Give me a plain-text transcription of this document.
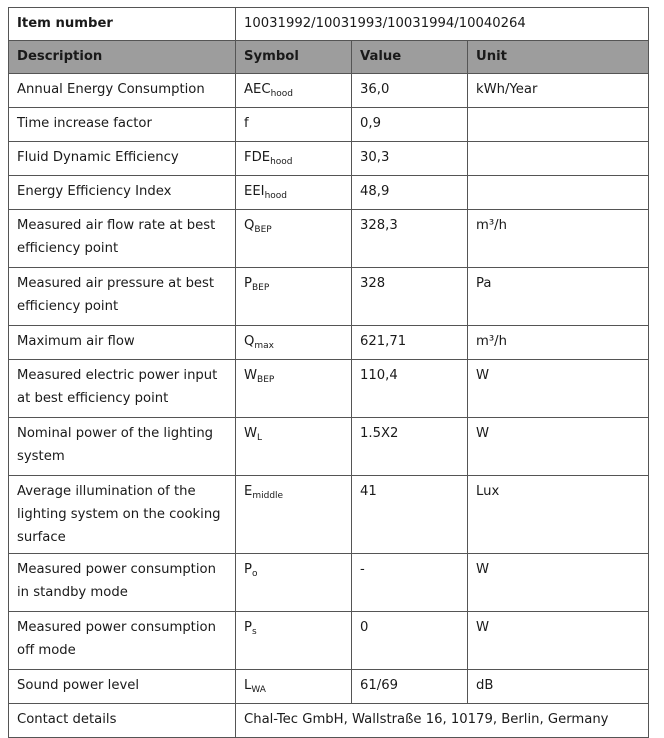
Item number	10031992/10031993/10031994/10040264		
Description	Symbol	Value	Unit
Annual Energy Consumption	$AEC_{hood}$	36,0	kWh/Year
Time increase factor	f	0,9	
Fluid Dynamic Efficiency	$FDE_{hood}$	30,3	
Energy Efficiency Index	$EEI_{hood}$	48,9	
Measured air flow rate at best efficiency point	$Q_{BEP}$	328,3	m³/h
Measured air pressure at best efficiency point	$P_{BEP}$	328	Pa
Maximum air flow	$Q_{max}$	621,71	m³/h
Measured electric power input at best efficiency point	$W_{BEP}$	110,4	W
Nominal power of the lighting system	$W_L$	1.5X2	W
Average illumination of the lighting system on the cooking surface	$E_{middle}$	41	Lux
Measured power consumption in standby mode	$P_o$	-	W
Measured power consumption off mode	$P_s$	0	W
Sound power level	$L_{WA}$	61/69	dB
Contact details	Chal-Tec GmbH, Wallstraße 16, 10179, Berlin, Germany		
